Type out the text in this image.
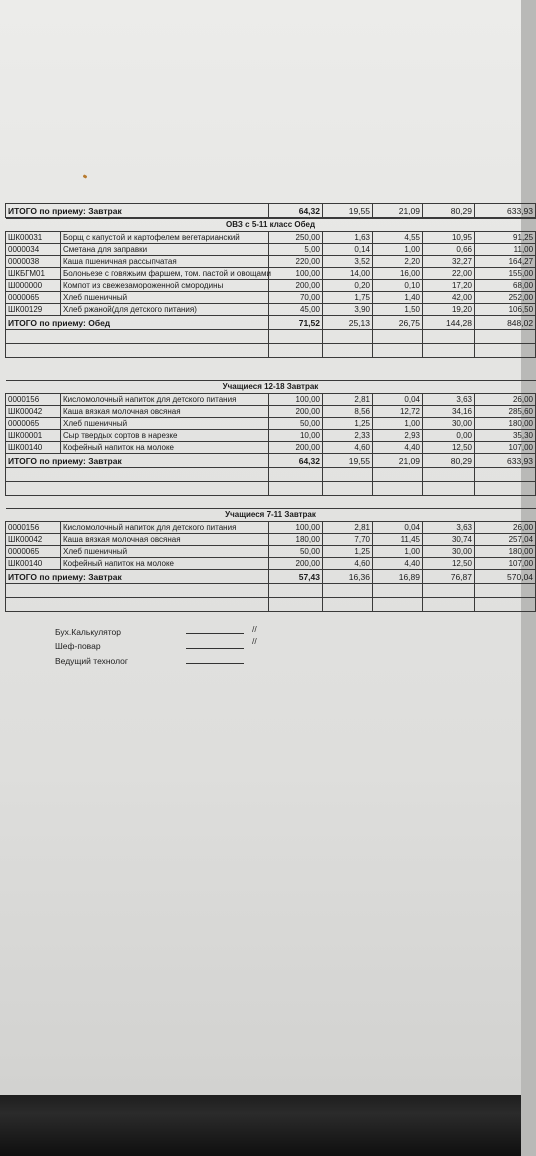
ИТОГО по приему: Завтрак	64,32	19,55	21,09	80,29	633,93
ОВЗ с 5-11 класс Обед						
ШК00031	Борщ с капустой и картофелем вегетарианский	250,00	1,63	4,55	10,95	91,25
0000034	Сметана для заправки	5,00	0,14	1,00	0,66	11,00
0000038	Каша пшеничная рассыпчатая	220,00	3,52	2,20	32,27	164,27
ШКБГМ01	Болоньезе с говяжьим фаршем, том. пастой и овощами	100,00	14,00	16,00	22,00	155,00
Ш000000	Компот из свежезамороженной смородины	200,00	0,20	0,10	17,20	68,00
0000065	Хлеб пшеничный	70,00	1,75	1,40	42,00	252,00
ШК00129	Хлеб ржаной(для детского питания)	45,00	3,90	1,50	19,20	106,50
ИТОГО по приему: Обед		71,52	25,13	26,75	144,28	848,02

Учащиеся 12-18 Завтрак						
0000156	Кисломолочный напиток для детского питания	100,00	2,81	0,04	3,63	26,00
ШК00042	Каша вязкая молочная овсяная	200,00	8,56	12,72	34,16	285,60
0000065	Хлеб пшеничный	50,00	1,25	1,00	30,00	180,00
ШК00001	Сыр твердых сортов в нарезке	10,00	2,33	2,93	0,00	35,30
ШК00140	Кофейный напиток на молоке	200,00	4,60	4,40	12,50	107,00
ИТОГО по приему: Завтрак		64,32	19,55	21,09	80,29	633,93

Учащиеся 7-11 Завтрак						
0000156	Кисломолочный напиток для детского питания	100,00	2,81	0,04	3,63	26,00
ШК00042	Каша вязкая молочная овсяная	180,00	7,70	11,45	30,74	257,04
0000065	Хлеб пшеничный	50,00	1,25	1,00	30,00	180,00
ШК00140	Кофейный напиток на молоке	200,00	4,60	4,40	12,50	107,00
ИТОГО по приему: Завтрак		57,43	16,36	16,89	76,87	570,04

Бух.Калькулятор	//
Шеф-повар	//
Ведущий технолог
